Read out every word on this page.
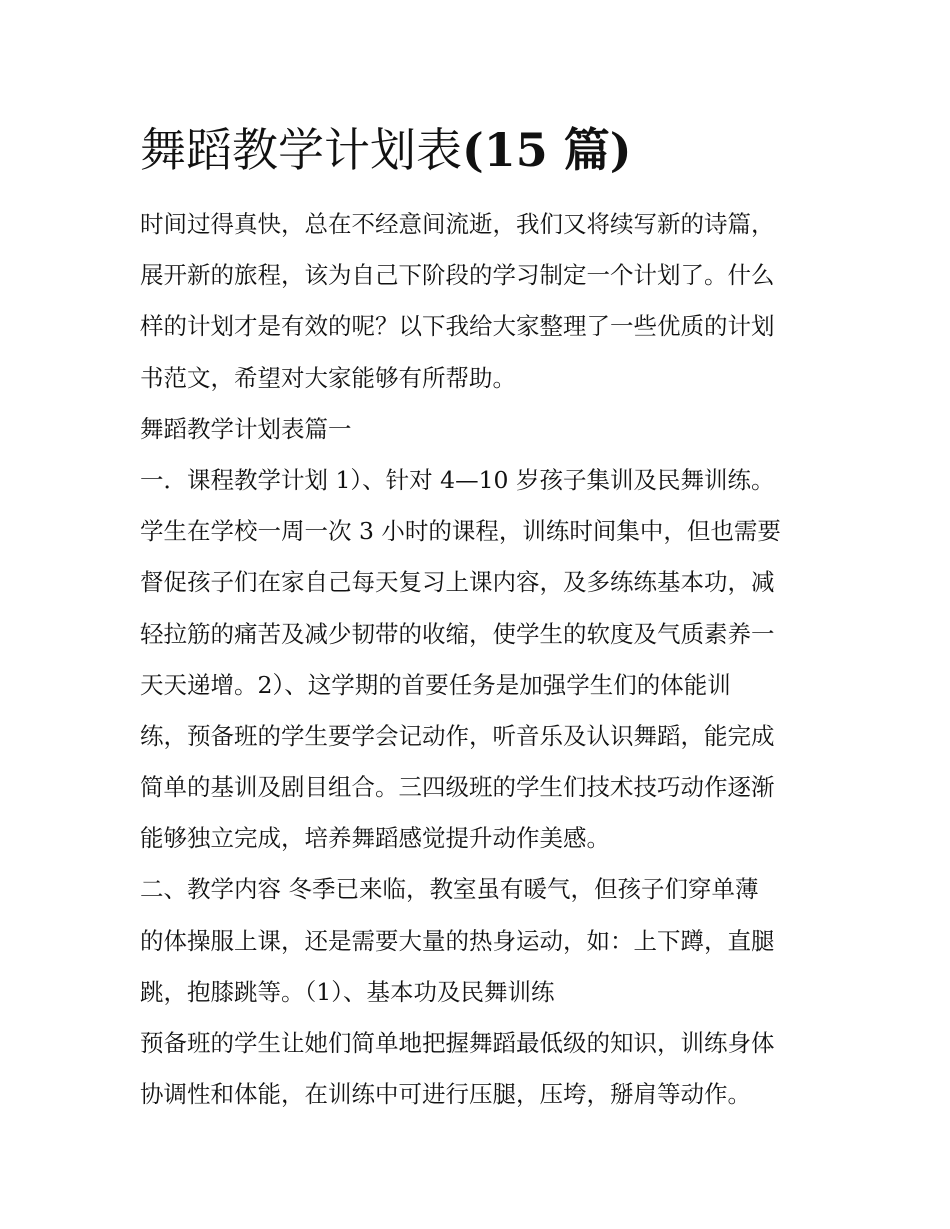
舞蹈教学计划表(15 篇)
时间过得真快，总在不经意间流逝，我们又将续写新的诗篇，
展开新的旅程，该为自己下阶段的学习制定一个计划了。什么
样的计划才是有效的呢？以下我给大家整理了一些优质的计划
书范文，希望对大家能够有所帮助。
舞蹈教学计划表篇一
一．课程教学计划 1）、针对 4—10 岁孩子集训及民舞训练。
学生在学校一周一次 3 小时的课程，训练时间集中，但也需要
督促孩子们在家自己每天复习上课内容，及多练练基本功，减
轻拉筋的痛苦及减少韧带的收缩，使学生的软度及气质素养一
天天递增。2）、这学期的首要任务是加强学生们的体能训
练，预备班的学生要学会记动作，听音乐及认识舞蹈，能完成
简单的基训及剧目组合。三四级班的学生们技术技巧动作逐渐
能够独立完成，培养舞蹈感觉提升动作美感。
二、教学内容 冬季已来临，教室虽有暖气，但孩子们穿单薄
的体操服上课，还是需要大量的热身运动，如：上下蹲，直腿
跳，抱膝跳等。（1）、基本功及民舞训练
预备班的学生让她们简单地把握舞蹈最低级的知识，训练身体
协调性和体能，在训练中可进行压腿，压垮，掰肩等动作。
